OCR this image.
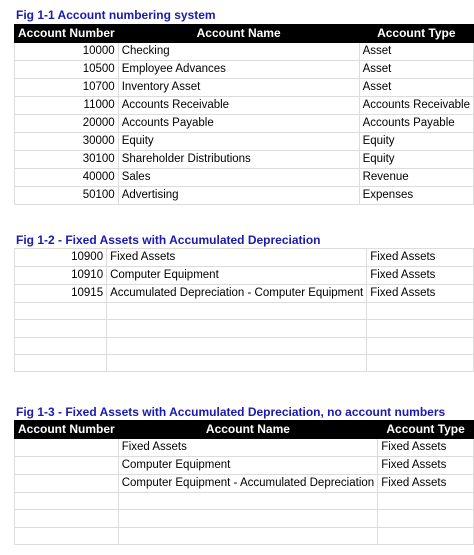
Fig 1-1 Account numbering system
Account Number	Account Name	Account Type
10000	Checking	Asset
10500	Employee Advances	Asset
10700	Inventory Asset	Asset
11000	Accounts Receivable	Accounts Receivable
20000	Accounts Payable	Accounts Payable
30000	Equity	Equity
30100	Shareholder Distributions	Equity
40000	Sales	Revenue
50100	Advertising	Expenses
Fig 1-2 - Fixed Assets with Accumulated Depreciation
10900	Fixed Assets	Fixed Assets
10910	Computer Equipment	Fixed Assets
10915	Accumulated Depreciation - Computer Equipment	Fixed Assets

Fig 1-3 - Fixed Assets with Accumulated Depreciation, no account numbers
Account Number	Account Name	Account Type
	Fixed Assets	Fixed Assets
	Computer Equipment	Fixed Assets
	Computer Equipment - Accumulated Depreciation	Fixed Assets
